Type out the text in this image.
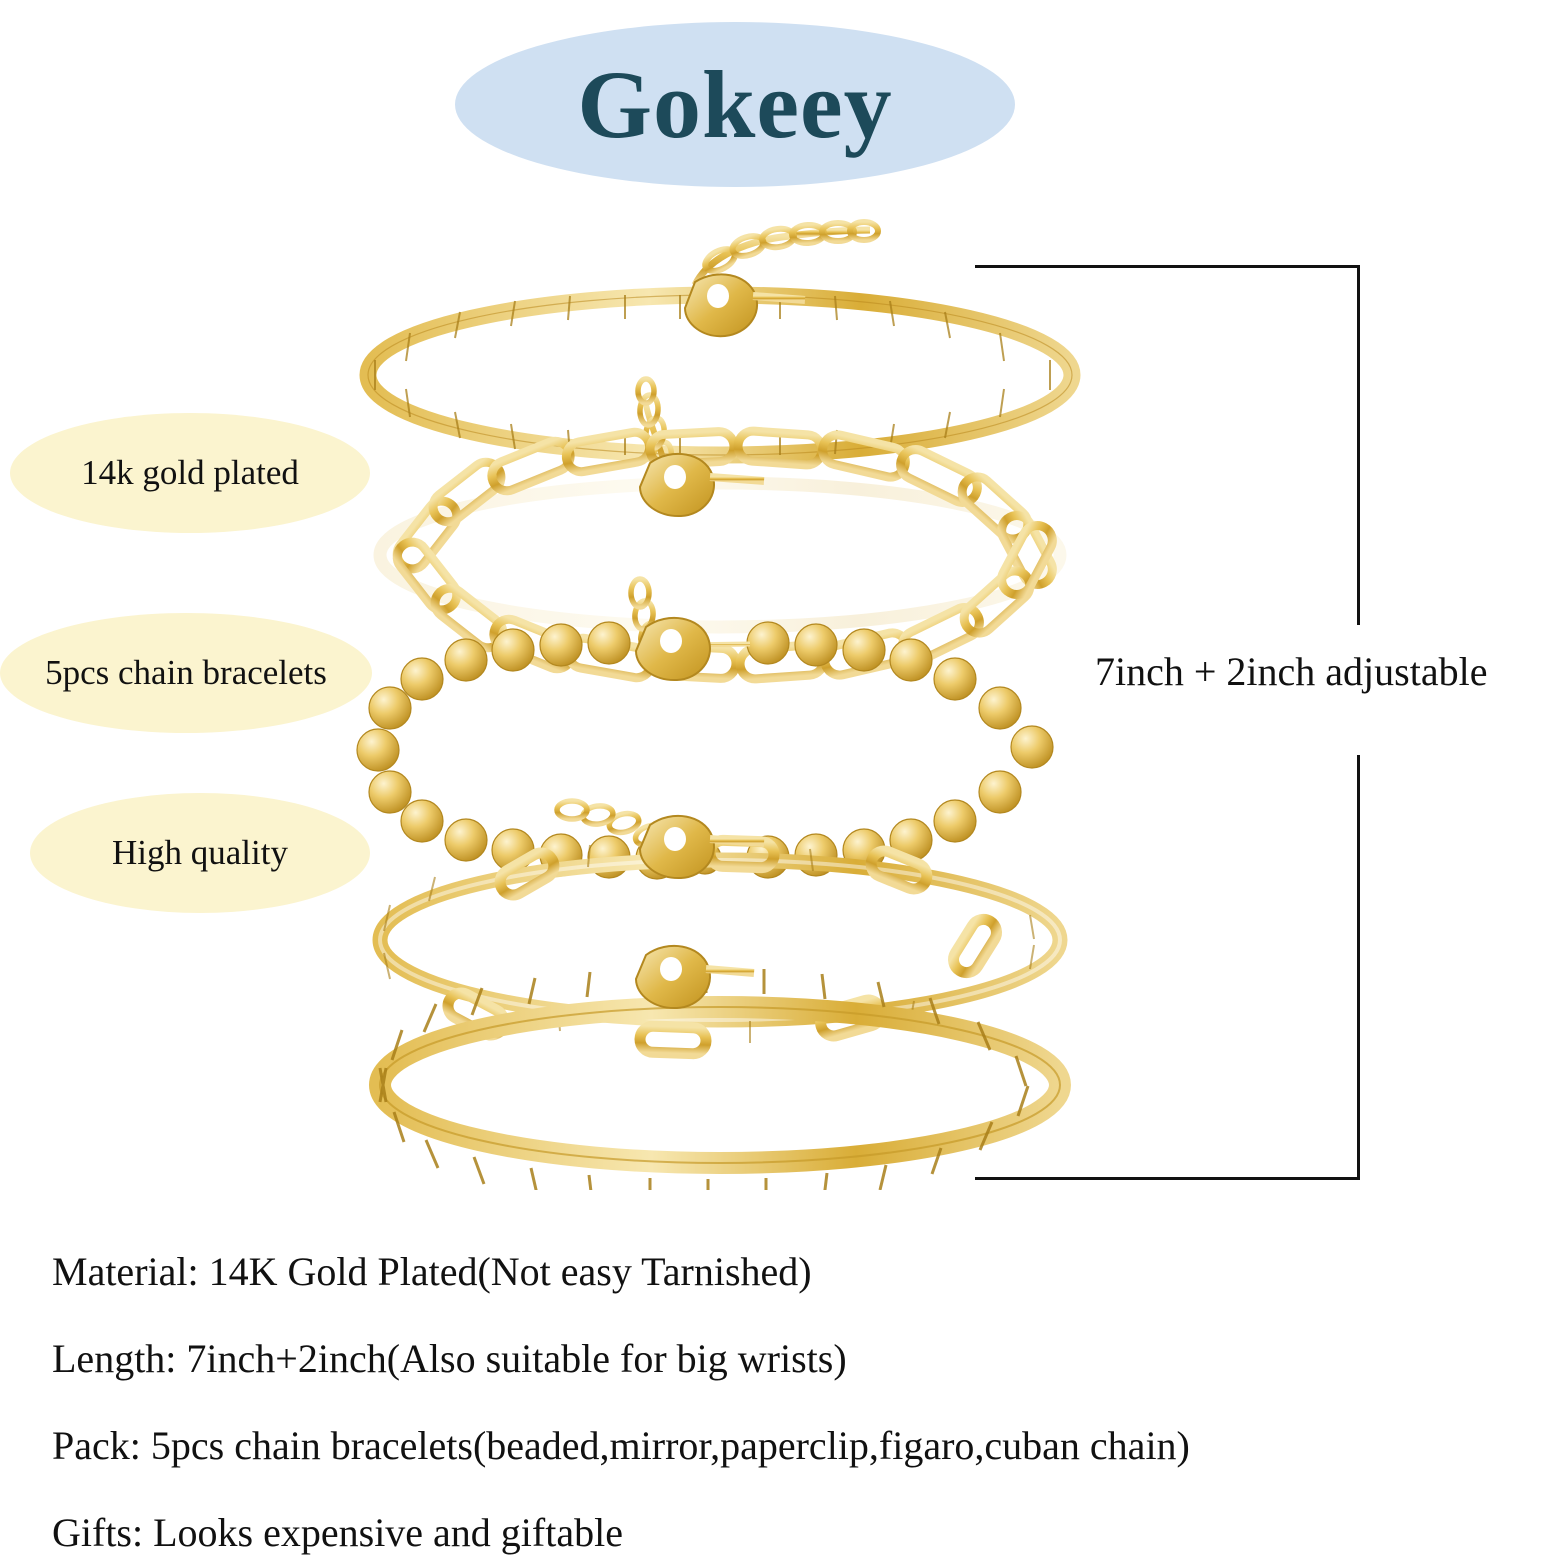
Gokeey
14k gold plated
5pcs chain bracelets
High quality
7inch + 2inch adjustable
Material: 14K Gold Plated(Not easy Tarnished)
Length: 7inch+2inch(Also suitable for big wrists)
Pack: 5pcs chain bracelets(beaded,mirror,paperclip,figaro,cuban chain)
Gifts: Looks expensive and giftable
